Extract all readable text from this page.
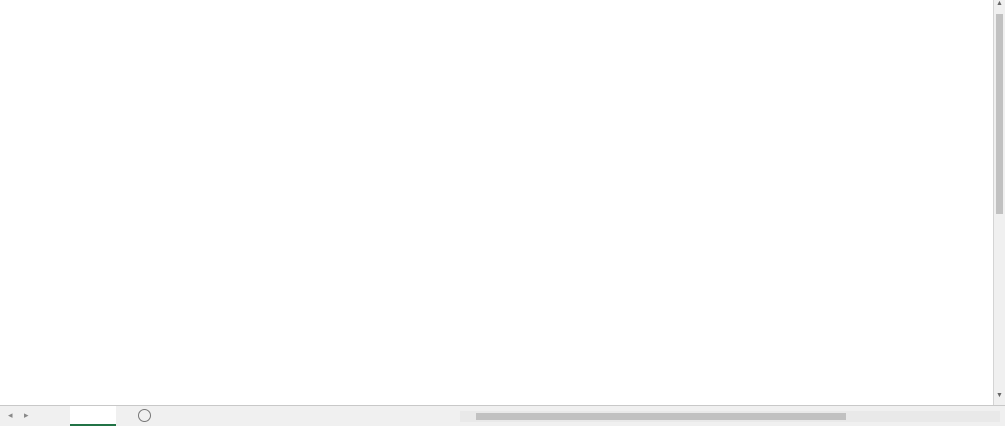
▲
▼
◂ ▸
